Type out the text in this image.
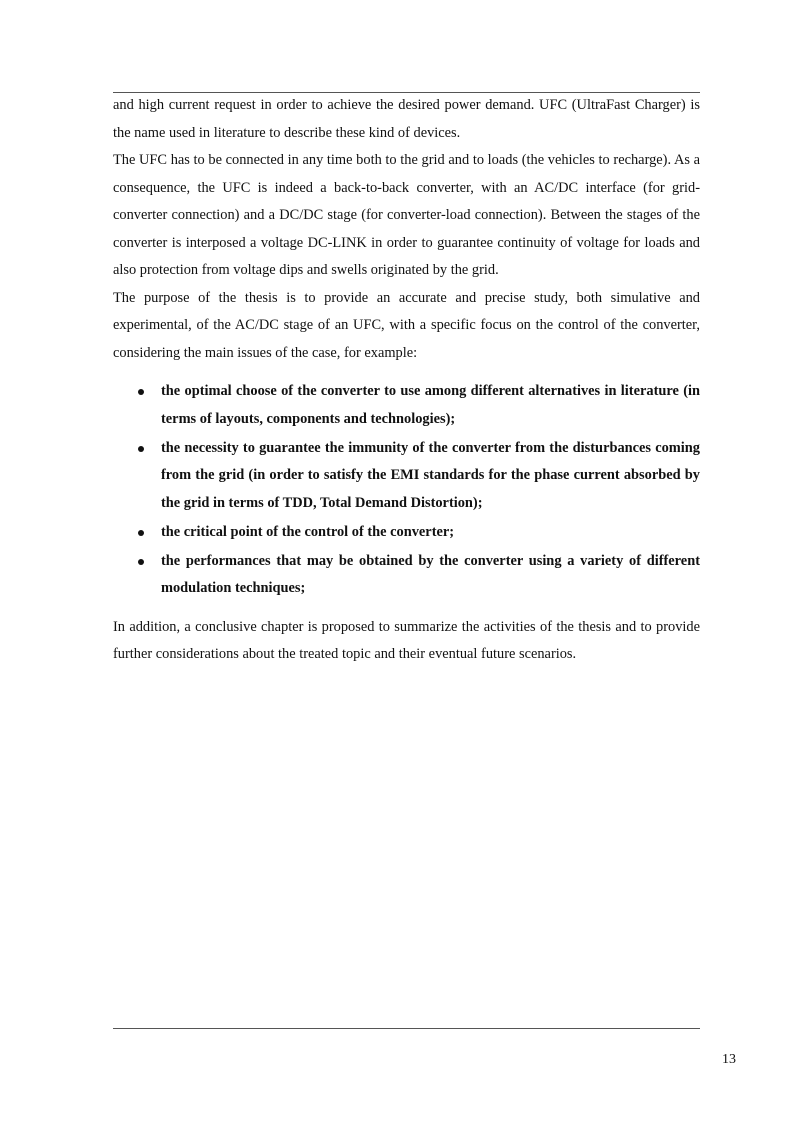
and high current request in order to achieve the desired power demand. UFC (UltraFast Charger) is the name used in literature to describe these kind of devices.

The UFC has to be connected in any time both to the grid and to loads (the vehicles to recharge). As a consequence, the UFC is indeed a back-to-back converter, with an AC/DC interface (for grid-converter connection) and a DC/DC stage (for converter-load connection). Between the stages of the converter is interposed a voltage DC-LINK in order to guarantee continuity of voltage for loads and also protection from voltage dips and swells originated by the grid.

The purpose of the thesis is to provide an accurate and precise study, both simulative and experimental, of the AC/DC stage of an UFC, with a specific focus on the control of the converter, considering the main issues of the case, for example:

the optimal choose of the converter to use among different alternatives in literature (in terms of layouts, components and technologies);
the necessity to guarantee the immunity of the converter from the disturbances coming from the grid (in order to satisfy the EMI standards for the phase current absorbed by the grid in terms of TDD, Total Demand Distortion);
the critical point of the control of the converter;
the performances that may be obtained by the converter using a variety of different modulation techniques;

In addition, a conclusive chapter is proposed to summarize the activities of the thesis and to provide further considerations about the treated topic and their eventual future scenarios.

13
